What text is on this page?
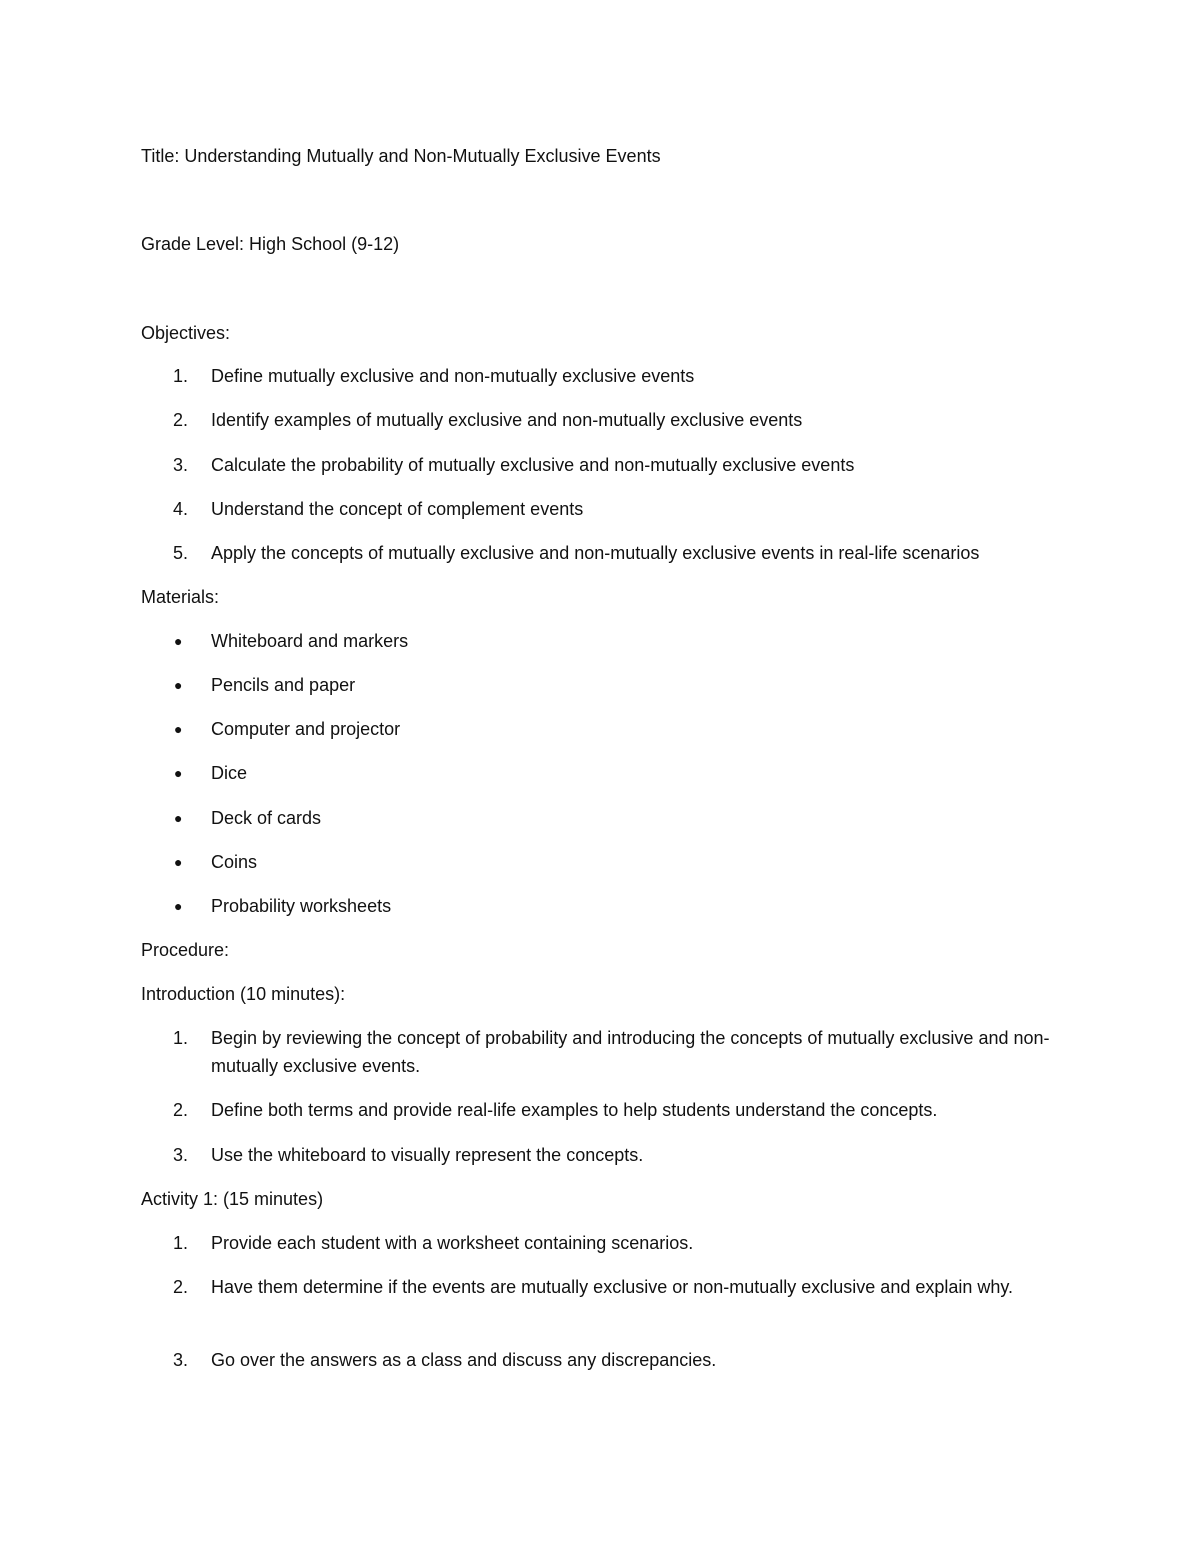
Title: Understanding Mutually and Non-Mutually Exclusive Events
Grade Level: High School (9-12)
Objectives:
1.	Define mutually exclusive and non-mutually exclusive events
2.	Identify examples of mutually exclusive and non-mutually exclusive events
3.	Calculate the probability of mutually exclusive and non-mutually exclusive events
4.	Understand the concept of complement events
5.	Apply the concepts of mutually exclusive and non-mutually exclusive events in real-life scenarios
Materials:
● Whiteboard and markers
● Pencils and paper
● Computer and projector
● Dice
● Deck of cards
● Coins
● Probability worksheets
Procedure:
Introduction (10 minutes):
1.	Begin by reviewing the concept of probability and introducing the concepts of mutually exclusive and non-mutually exclusive events.
2.	Define both terms and provide real-life examples to help students understand the concepts.
3.	Use the whiteboard to visually represent the concepts.
Activity 1: (15 minutes)
1.	Provide each student with a worksheet containing scenarios.
2.	Have them determine if the events are mutually exclusive or non-mutually exclusive and explain why.
3.	Go over the answers as a class and discuss any discrepancies.
